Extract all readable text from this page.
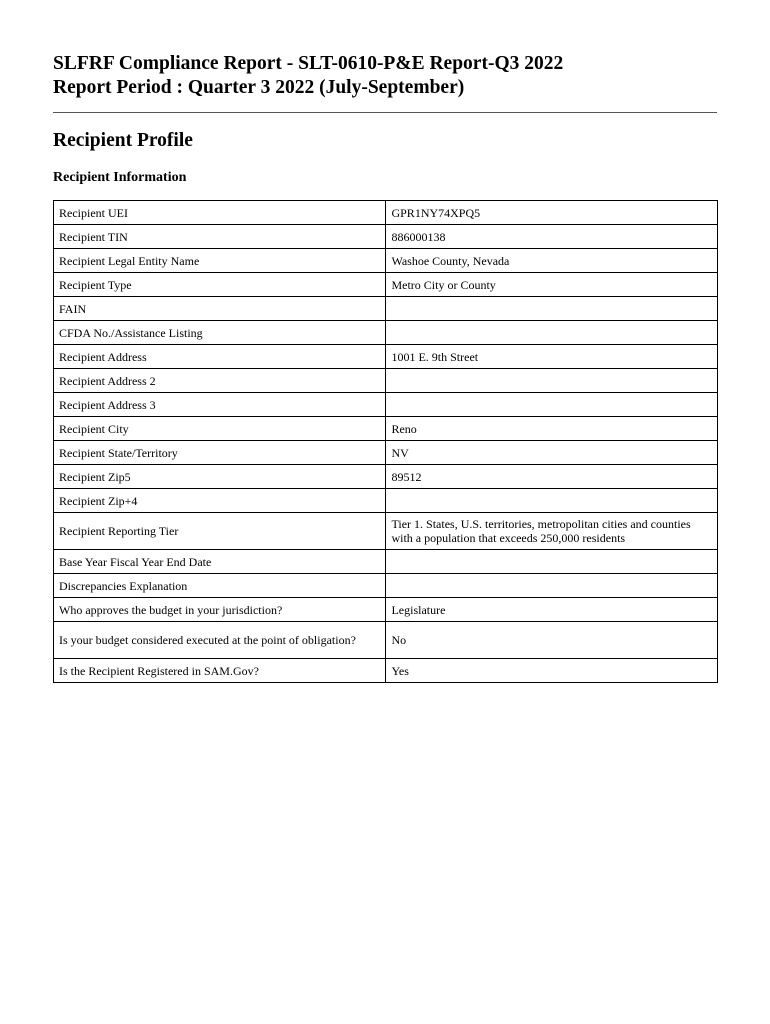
SLFRF Compliance Report - SLT-0610-P&E Report-Q3 2022

Report Period : Quarter 3 2022 (July-September)

Recipient Profile

Recipient Information

Recipient UEI	GPR1NY74XPQ5
Recipient TIN	886000138
Recipient Legal Entity Name	Washoe County, Nevada
Recipient Type	Metro City or County
FAIN	
CFDA No./Assistance Listing	
Recipient Address	1001 E. 9th Street
Recipient Address 2	
Recipient Address 3	
Recipient City	Reno
Recipient State/Territory	NV
Recipient Zip5	89512
Recipient Zip+4	
Recipient Reporting Tier	Tier 1. States, U.S. territories, metropolitan cities and counties with a population that exceeds 250,000 residents
Base Year Fiscal Year End Date	
Discrepancies Explanation	
Who approves the budget in your jurisdiction?	Legislature
Is your budget considered executed at the point of obligation?	No
Is the Recipient Registered in SAM.Gov?	Yes
